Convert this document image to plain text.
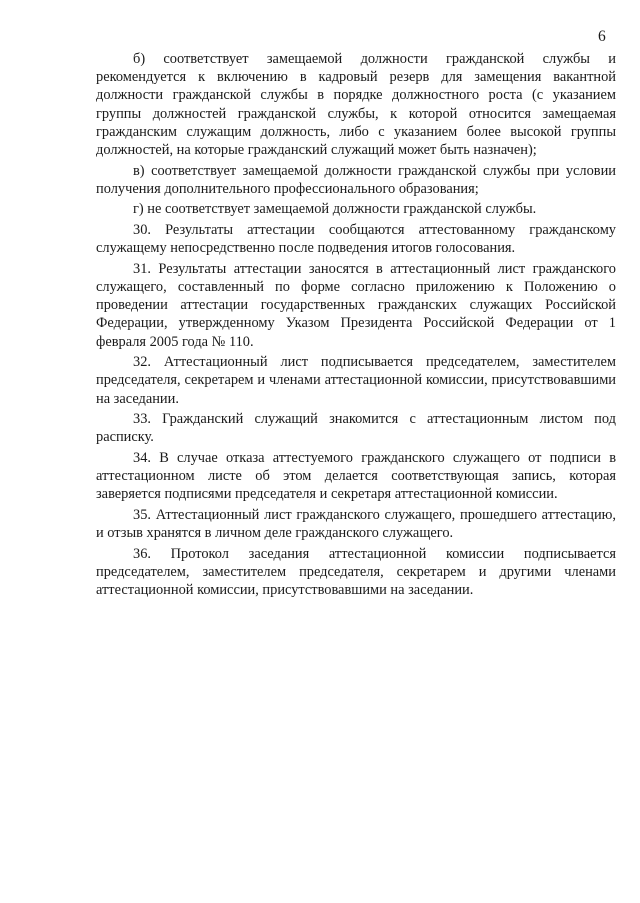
6

б) соответствует замещаемой должности гражданской службы и рекомендуется к включению в кадровый резерв для замещения вакантной должности гражданской службы в порядке должностного роста (с указанием группы должностей гражданской службы, к которой относится замещаемая гражданским служащим должность, либо с указанием более высокой группы должностей, на которые гражданский служащий может быть назначен);

в) соответствует замещаемой должности гражданской службы при условии получения дополнительного профессионального образования;

г) не соответствует замещаемой должности гражданской службы.

30. Результаты аттестации сообщаются аттестованному гражданскому служащему непосредственно после подведения итогов голосования.

31. Результаты аттестации заносятся в аттестационный лист гражданского служащего, составленный по форме согласно приложению к Положению о проведении аттестации государственных гражданских служащих Российской Федерации, утвержденному Указом Президента Российской Федерации от 1 февраля 2005 года № 110.

32. Аттестационный лист подписывается председателем, заместителем председателя, секретарем и членами аттестационной комиссии, присутствовавшими на заседании.

33. Гражданский служащий знакомится с аттестационным листом под расписку.

34. В случае отказа аттестуемого гражданского служащего от подписи в аттестационном листе об этом делается соответствующая запись, которая заверяется подписями председателя и секретаря аттестационной комиссии.

35. Аттестационный лист гражданского служащего, прошедшего аттестацию, и отзыв хранятся в личном деле гражданского служащего.

36. Протокол заседания аттестационной комиссии подписывается председателем, заместителем председателя, секретарем и другими членами аттестационной комиссии, присутствовавшими на заседании.
